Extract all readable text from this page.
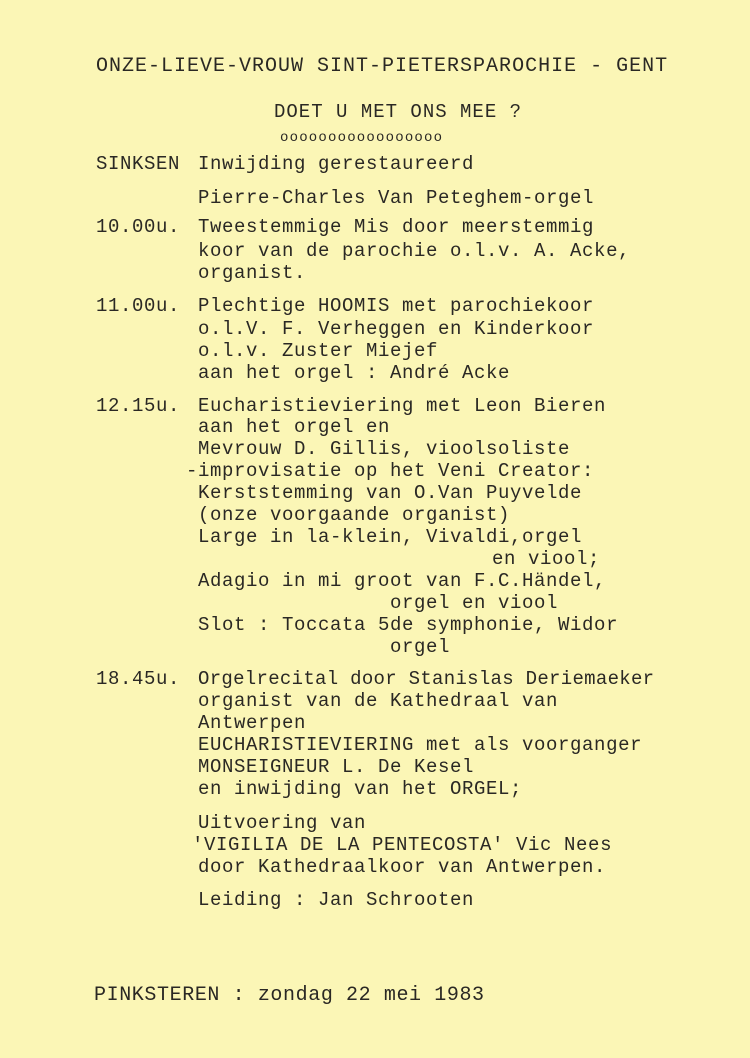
ONZE-LIEVE-VROUW SINT-PIETERSPAROCHIE - GENT
DOET U MET ONS MEE ?
ooooooooooooooooo
SINKSEN Inwijding gerestaureerd
Pierre-Charles Van Peteghem-orgel
10.00u. Tweestemmige Mis door meerstemmig
koor van de parochie o.l.v. A. Acke,
organist.
11.00u. Plechtige HOOMIS met parochiekoor
o.l.V. F. Verheggen en Kinderkoor
o.l.v. Zuster Miejef
aan het orgel : André Acke
12.15u. Eucharistieviering met Leon Bieren
aan het orgel en
Mevrouw D. Gillis, vioolsoliste
-improvisatie op het Veni Creator:
Kerststemming van O.Van Puyvelde
(onze voorgaande organist)
Large in la-klein, Vivaldi,orgel
en viool;
Adagio in mi groot van F.C.Händel,
orgel en viool
Slot : Toccata 5de symphonie, Widor
orgel
18.45u. Orgelrecital door Stanislas Deriemaeker
organist van de Kathedraal van
Antwerpen
EUCHARISTIEVIERING met als voorganger
MONSEIGNEUR L. De Kesel
en inwijding van het ORGEL;
Uitvoering van
'VIGILIA DE LA PENTECOSTA' Vic Nees
door Kathedraalkoor van Antwerpen.
Leiding : Jan Schrooten
PINKSTEREN : zondag 22 mei 1983
